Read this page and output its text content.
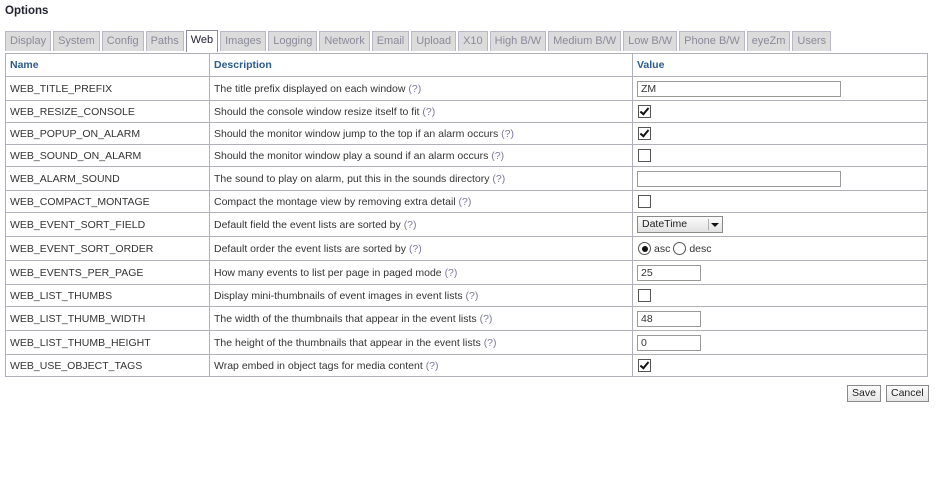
Options
Display	System	Config	Paths	Web	Images	Logging	Network	Email	Upload	X10	High B/W	Medium B/W	Low B/W	Phone B/W	eyeZm	Users
Name	Description	Value
WEB_TITLE_PREFIX	The title prefix displayed on each window (?)	ZM
WEB_RESIZE_CONSOLE	Should the console window resize itself to fit (?)	
WEB_POPUP_ON_ALARM	Should the monitor window jump to the top if an alarm occurs (?)	
WEB_SOUND_ON_ALARM	Should the monitor window play a sound if an alarm occurs (?)	
WEB_ALARM_SOUND	The sound to play on alarm, put this in the sounds directory (?)	
WEB_COMPACT_MONTAGE	Compact the montage view by removing extra detail (?)	
WEB_EVENT_SORT_FIELD	Default field the event lists are sorted by (?)	DateTime

WEB_EVENT_SORT_ORDER	Default order the event lists are sorted by (?)	asc desc
WEB_EVENTS_PER_PAGE	How many events to list per page in paged mode (?)	25
WEB_LIST_THUMBS	Display mini-thumbnails of event images in event lists (?)	
WEB_LIST_THUMB_WIDTH	The width of the thumbnails that appear in the event lists (?)	48
WEB_LIST_THUMB_HEIGHT	The height of the thumbnails that appear in the event lists (?)	0
WEB_USE_OBJECT_TAGS	Wrap embed in object tags for media content (?)	
Save	Cancel
